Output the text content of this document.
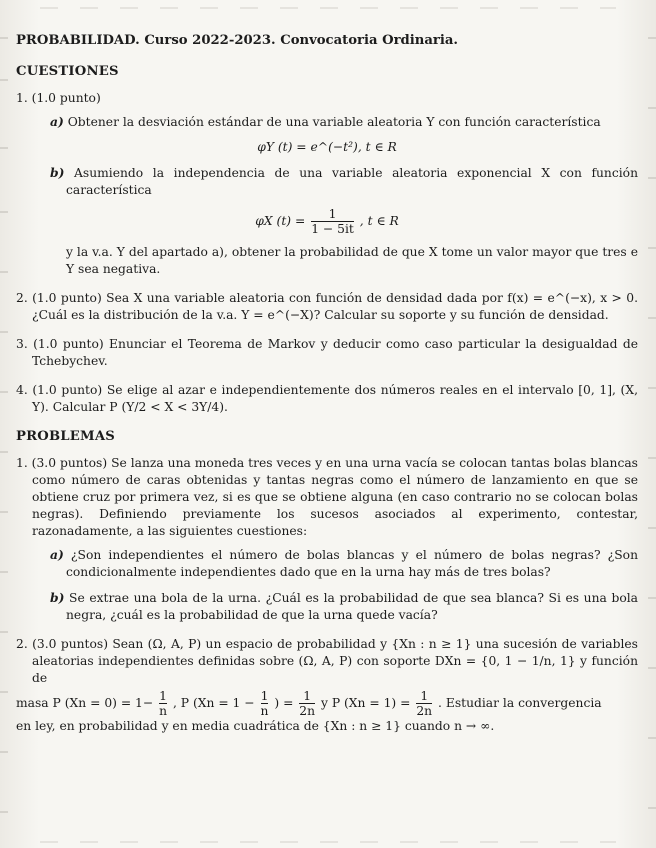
PROBABILIDAD. Curso 2022-2023. Convocatoria Ordinaria.
CUESTIONES
1. (1.0 punto)
a) Obtener la desviación estándar de una variable aleatoria Y con función característica
φY (t) = e^(−t²), t ∈ R
b) Asumiendo la independencia de una variable aleatoria exponencial X con función característica
φX $(t) = \frac{1}{1 - 5it}$ , t ∈ R
y la v.a. Y del apartado a), obtener la probabilidad de que X tome un valor mayor que tres e Y sea negativa.
2. (1.0 punto) Sea X una variable aleatoria con función de densidad dada por f(x) = e^(−x), x > 0. ¿Cuál es la distribución de la v.a. Y = e^(−X)? Calcular su soporte y su función de densidad.
3. (1.0 punto) Enunciar el Teorema de Markov y deducir como caso particular la desigualdad de Tchebychev.
4. (1.0 punto) Se elige al azar e independientemente dos números reales en el intervalo [0, 1], (X, Y). Calcular P (Y/2 < X < 3Y/4).
PROBLEMAS
1. (3.0 puntos) Se lanza una moneda tres veces y en una urna vacía se colocan tantas bolas blancas como número de caras obtenidas y tantas negras como el número de lanzamiento en que se obtiene cruz por primera vez, si es que se obtiene alguna (en caso contrario no se colocan bolas negras). Definiendo previamente los sucesos asociados al experimento, contestar, razonadamente, a las siguientes cuestiones:
a) ¿Son independientes el número de bolas blancas y el número de bolas negras? ¿Son condicionalmente independientes dado que en la urna hay más de tres bolas?
b) Se extrae una bola de la urna. ¿Cuál es la probabilidad de que sea blanca? Si es una bola negra, ¿cuál es la probabilidad de que la urna quede vacía?
2. (3.0 puntos) Sean (Ω, A, P) un espacio de probabilidad y {Xn : n ≥ 1} una sucesión de variables aleatorias independientes definidas sobre (Ω, A, P) con soporte DXn = {0, 1 − 1/n, 1} y función de
masa P $(Xn = 0) = 1- \frac{1}{n}$ , P ($Xn = 1 - \frac{1}{n}$ ) = $\frac{1}{2n}$ y P $(Xn = 1) = \frac{1}{2n}$ . Estudiar la convergencia
en ley, en probabilidad y en media cuadrática de {Xn : n ≥ 1} cuando n → ∞.
